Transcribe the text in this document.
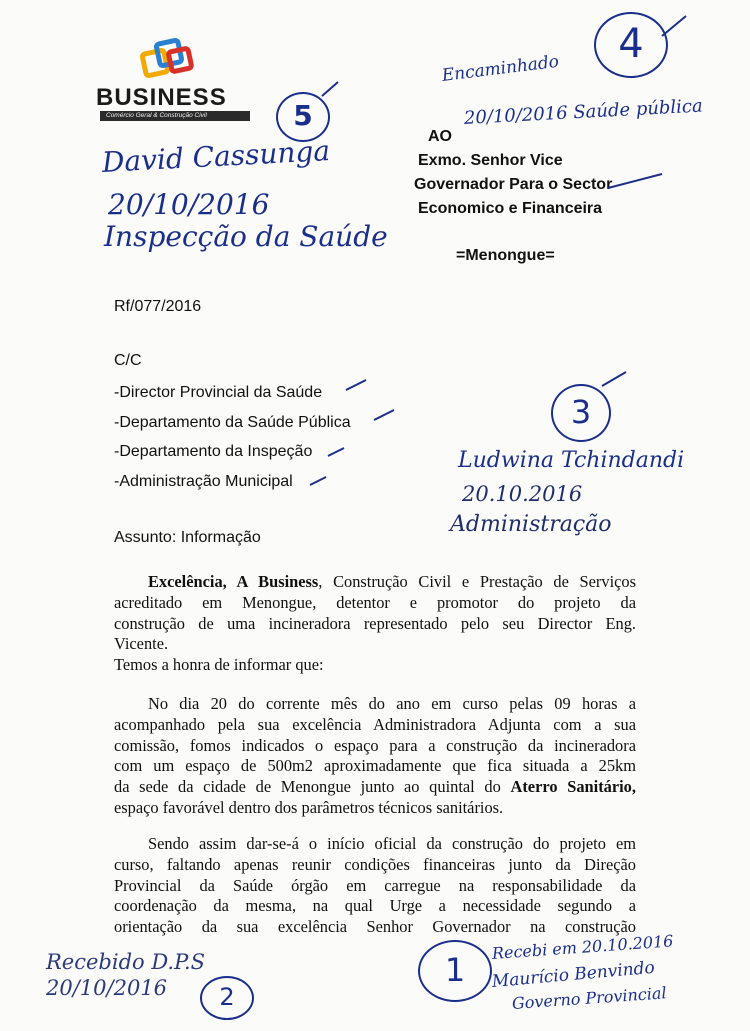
BUSINESS
Comércio Geral & Construção Civil
4
Encaminhado
AO
20/10/2016 Saúde pública
5
Exmo. Senhor Vice
Governador Para o Sector
Economico e Financeira
=Menongue=
David Cassunga
20/10/2016
Inspecção da Saúde
Rf/077/2016
C/C
-Director Provincial da Saúde
-Departamento da Saúde Pública
-Departamento da Inspeção
-Administração Municipal
3
Ludwina Tchindandi
20.10.2016
Administração
Assunto: Informação
Excelência, A Business, Construção Civil e Prestação de Serviços
acreditado em Menongue, detentor e promotor do projeto da
construção de uma incineradora representado pelo seu Director Eng.
Vicente.
Temos a honra de informar que:
No dia 20 do corrente mês do ano em curso pelas 09 horas a
acompanhado pela sua excelência Administradora Adjunta com a sua
comissão, fomos indicados o espaço para a construção da incineradora
com um espaço de 500m2 aproximadamente que fica situada a 25km
da sede da cidade de Menongue junto ao quintal do Aterro Sanitário,
espaço favorável dentro dos parâmetros técnicos sanitários.
Sendo assim dar-se-á o início oficial da construção do projeto em
curso, faltando apenas reunir condições financeiras junto da Direção
Provincial da Saúde órgão em carregue na responsabilidade da
coordenação da mesma, na qual Urge a necessidade segundo a
orientação da sua excelência Senhor Governador na construção
Recebido D.P.S
20/10/2016	2
1
Recebi em 20.10.2016
Maurício Benvindo
Governo Provincial
